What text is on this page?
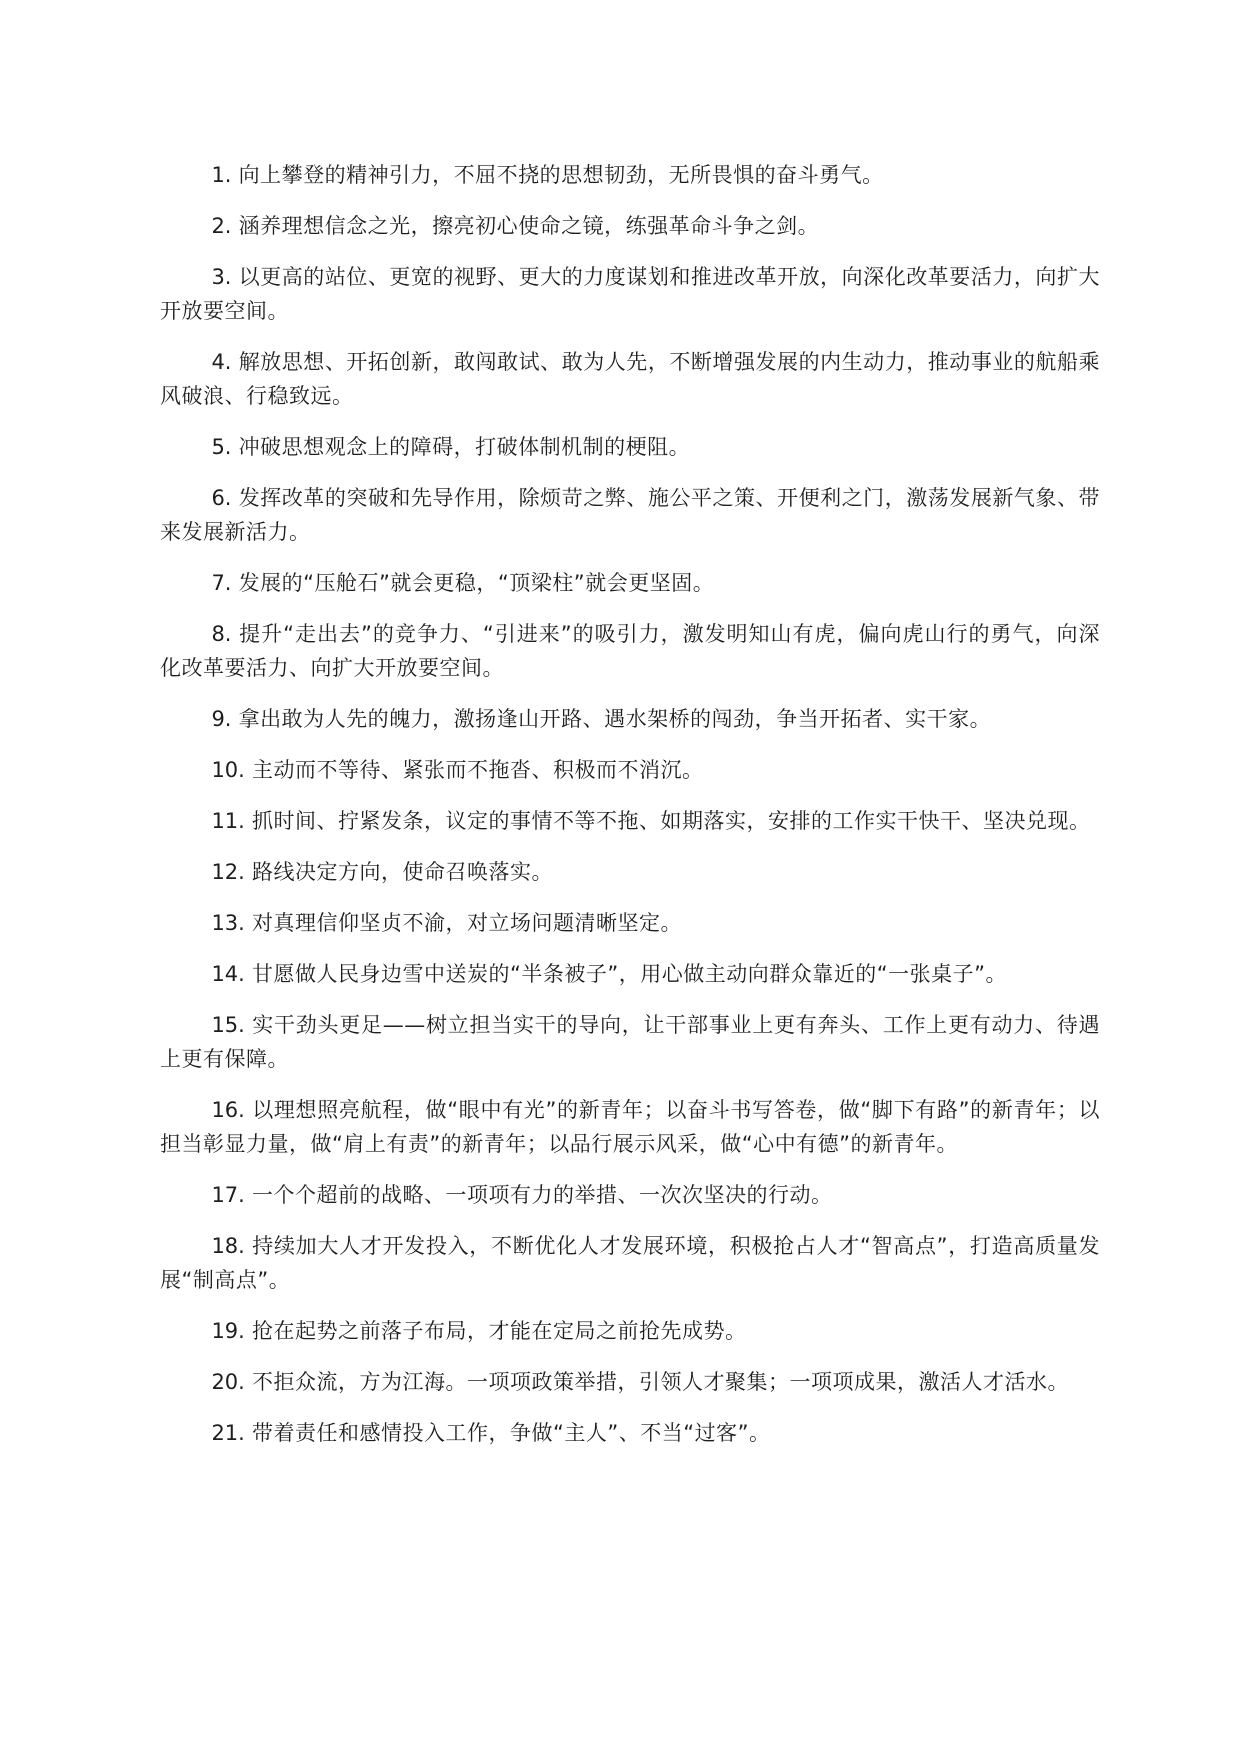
1. 向上攀登的精神引力，不屈不挠的思想韧劲，无所畏惧的奋斗勇气。

2. 涵养理想信念之光，擦亮初心使命之镜，练强革命斗争之剑。

3. 以更高的站位、更宽的视野、更大的力度谋划和推进改革开放，向深化改革要活力，向扩大开放要空间。

4. 解放思想、开拓创新，敢闯敢试、敢为人先，不断增强发展的内生动力，推动事业的航船乘风破浪、行稳致远。

5. 冲破思想观念上的障碍，打破体制机制的梗阻。

6. 发挥改革的突破和先导作用，除烦苛之弊、施公平之策、开便利之门，激荡发展新气象、带来发展新活力。

7. 发展的“压舱石”就会更稳，“顶梁柱”就会更坚固。

8. 提升“走出去”的竞争力、“引进来”的吸引力，激发明知山有虎，偏向虎山行的勇气，向深化改革要活力、向扩大开放要空间。

9. 拿出敢为人先的魄力，激扬逢山开路、遇水架桥的闯劲，争当开拓者、实干家。

10. 主动而不等待、紧张而不拖沓、积极而不消沉。

11. 抓时间、拧紧发条，议定的事情不等不拖、如期落实，安排的工作实干快干、坚决兑现。

12. 路线决定方向，使命召唤落实。

13. 对真理信仰坚贞不渝，对立场问题清晰坚定。

14. 甘愿做人民身边雪中送炭的“半条被子”，用心做主动向群众靠近的“一张桌子”。

15. 实干劲头更足——树立担当实干的导向，让干部事业上更有奔头、工作上更有动力、待遇上更有保障。

16. 以理想照亮航程，做“眼中有光”的新青年；以奋斗书写答卷，做“脚下有路”的新青年；以担当彰显力量，做“肩上有责”的新青年；以品行展示风采，做“心中有德”的新青年。

17. 一个个超前的战略、一项项有力的举措、一次次坚决的行动。

18. 持续加大人才开发投入，不断优化人才发展环境，积极抢占人才“智高点”，打造高质量发展“制高点”。

19. 抢在起势之前落子布局，才能在定局之前抢先成势。

20. 不拒众流，方为江海。一项项政策举措，引领人才聚集；一项项成果，激活人才活水。

21. 带着责任和感情投入工作，争做“主人”、不当“过客”。
